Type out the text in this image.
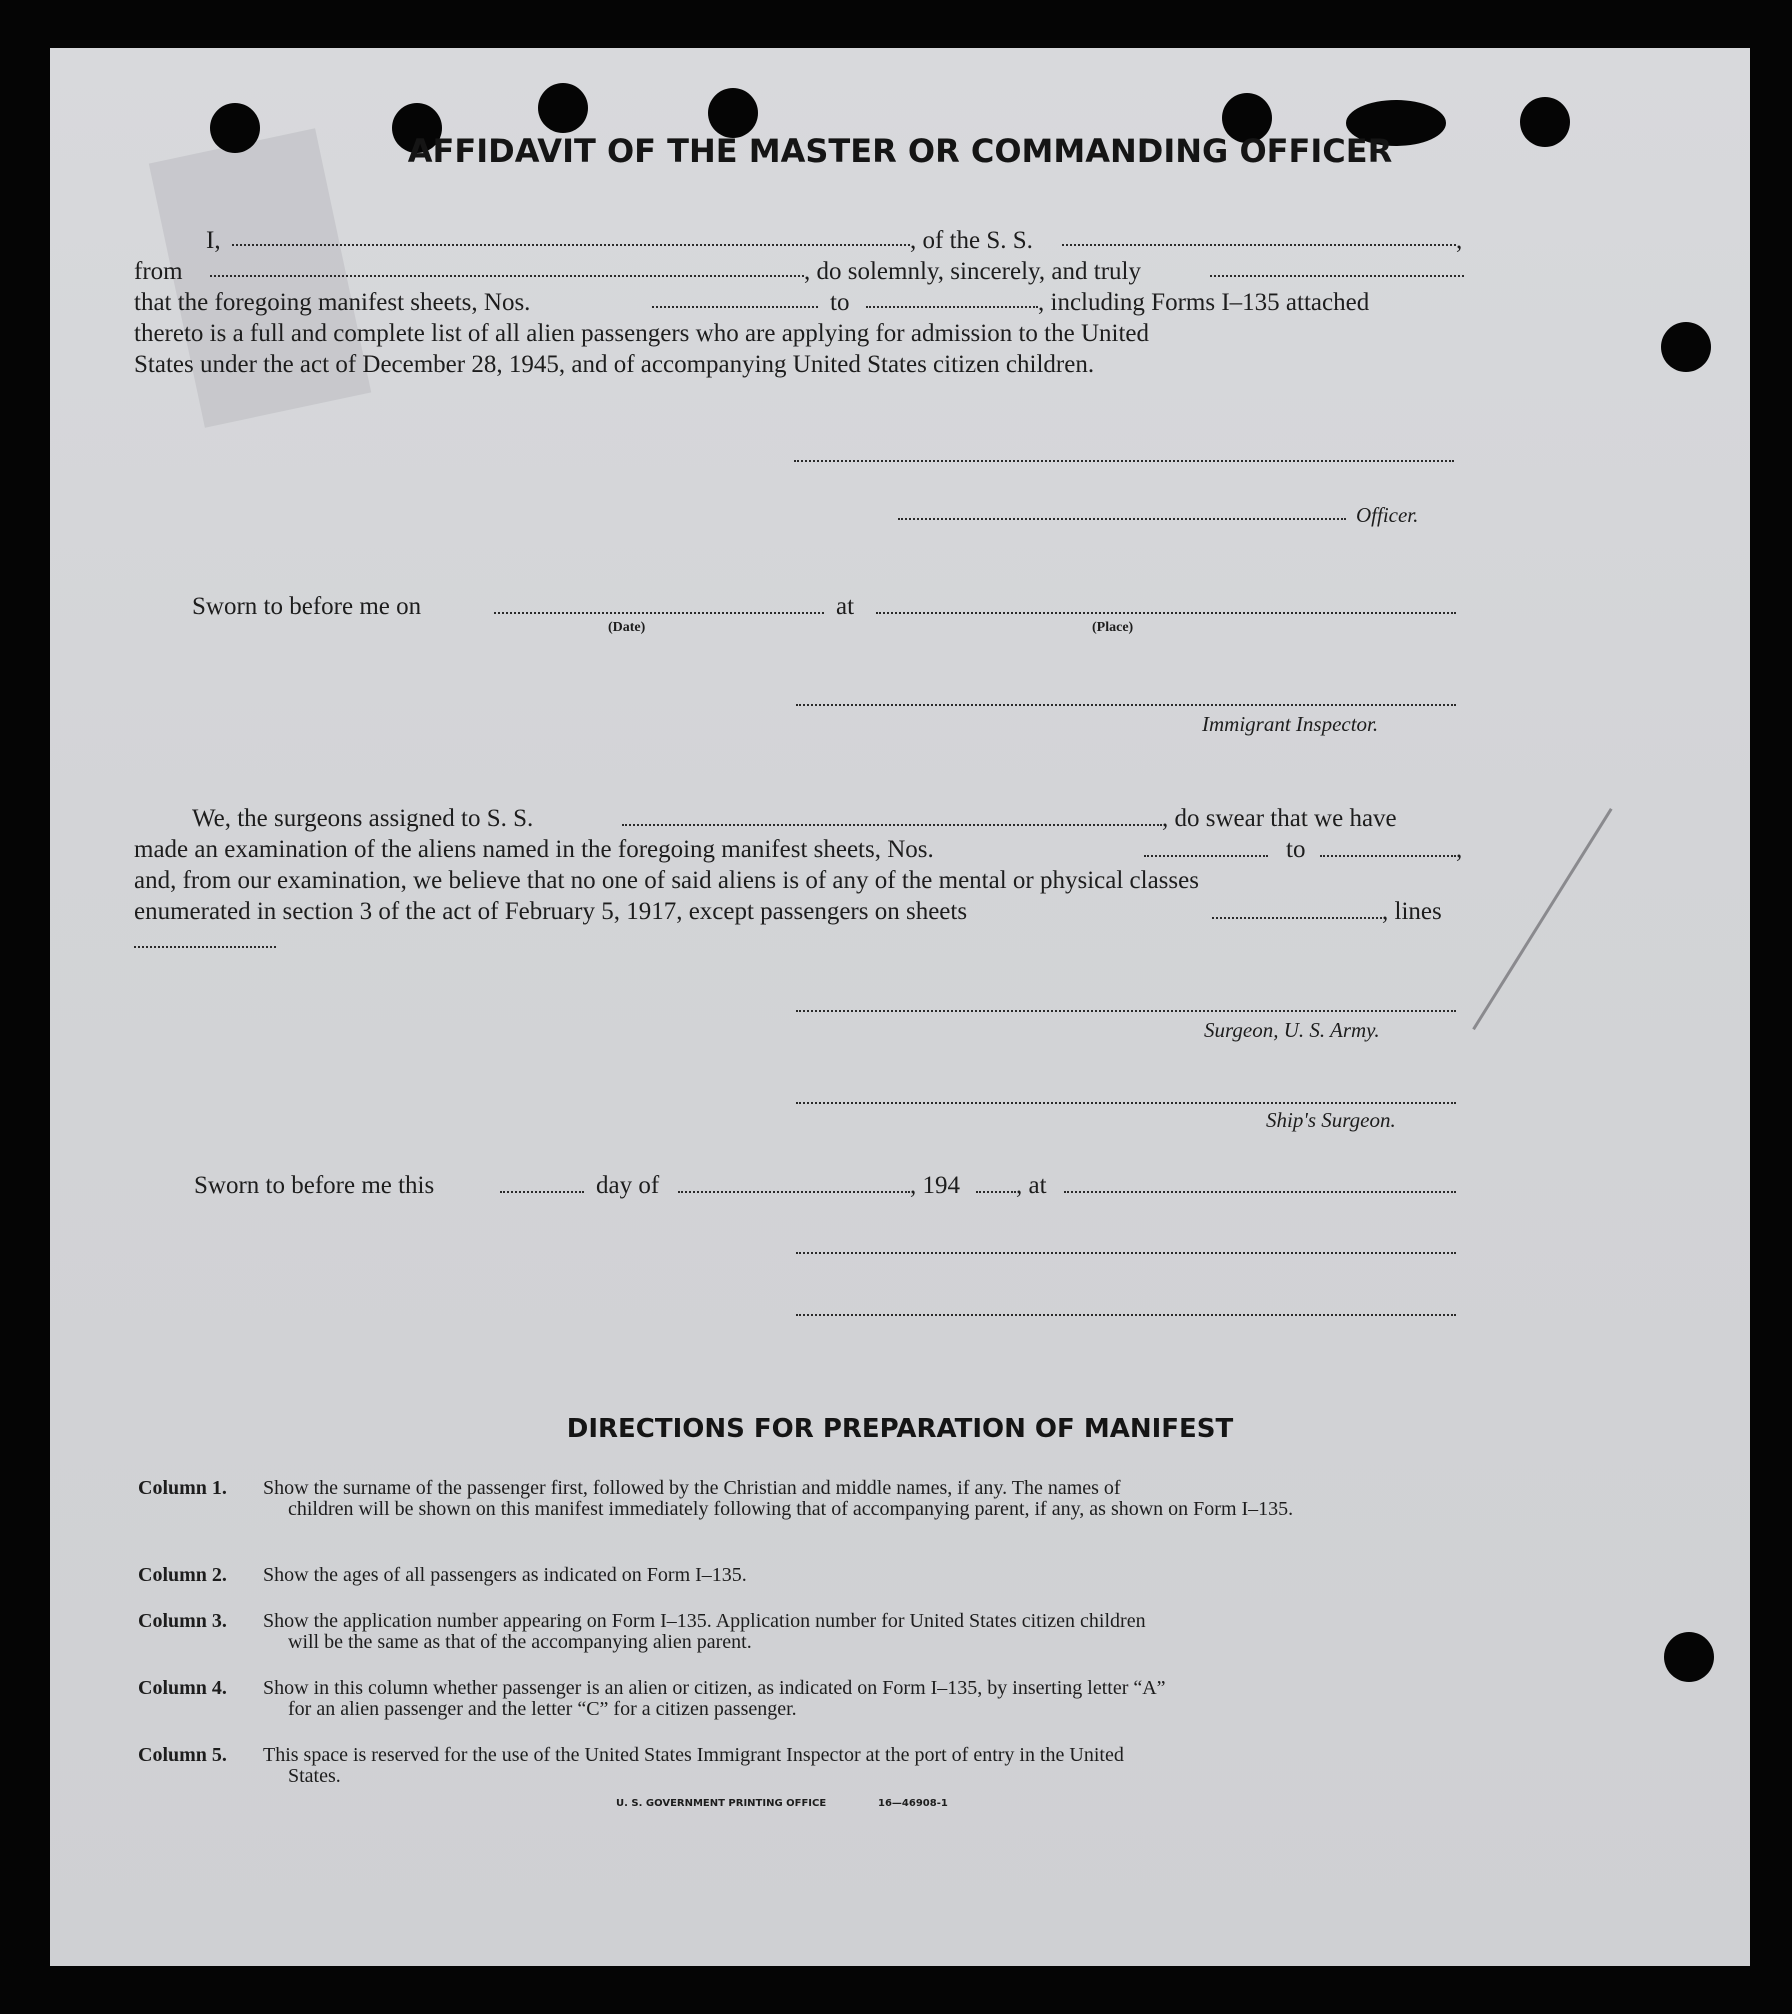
AFFIDAVIT OF THE MASTER OR COMMANDING OFFICER
I,	, of the S. S.	,
from	, do solemnly, sincerely, and truly
that the foregoing manifest sheets, Nos.	to	, including Forms I–135 attached
thereto is a full and complete list of all alien passengers who are applying for admission to the United
States under the act of December 28, 1945, and of accompanying United States citizen children.
Officer.
Sworn to before me on
(Date)
at
(Place)
Immigrant Inspector.
We, the surgeons assigned to S. S.	, do swear that we have
made an examination of the aliens named in the foregoing manifest sheets, Nos.	to	,
and, from our examination, we believe that no one of said aliens is of any of the mental or physical classes
enumerated in section 3 of the act of February 5, 1917, except passengers on sheets	, lines
Surgeon, U. S. Army.
Ship's Surgeon.
Sworn to before me this	day of	, 194 , at
DIRECTIONS FOR PREPARATION OF MANIFEST
Column 1.	Show the surname of the passenger first, followed by the Christian and middle names, if any. The names of
children will be shown on this manifest immediately following that of accompanying parent, if any, as shown on Form I–135.
Column 2.	Show the ages of all passengers as indicated on Form I–135.
Column 3.	Show the application number appearing on Form I–135. Application number for United States citizen children
will be the same as that of the accompanying alien parent.
Column 4.	Show in this column whether passenger is an alien or citizen, as indicated on Form I–135, by inserting letter “A”
for an alien passenger and the letter “C” for a citizen passenger.
Column 5.	This space is reserved for the use of the United States Immigrant Inspector at the port of entry in the United
States.
U. S. GOVERNMENT PRINTING OFFICE	16—46908-1
